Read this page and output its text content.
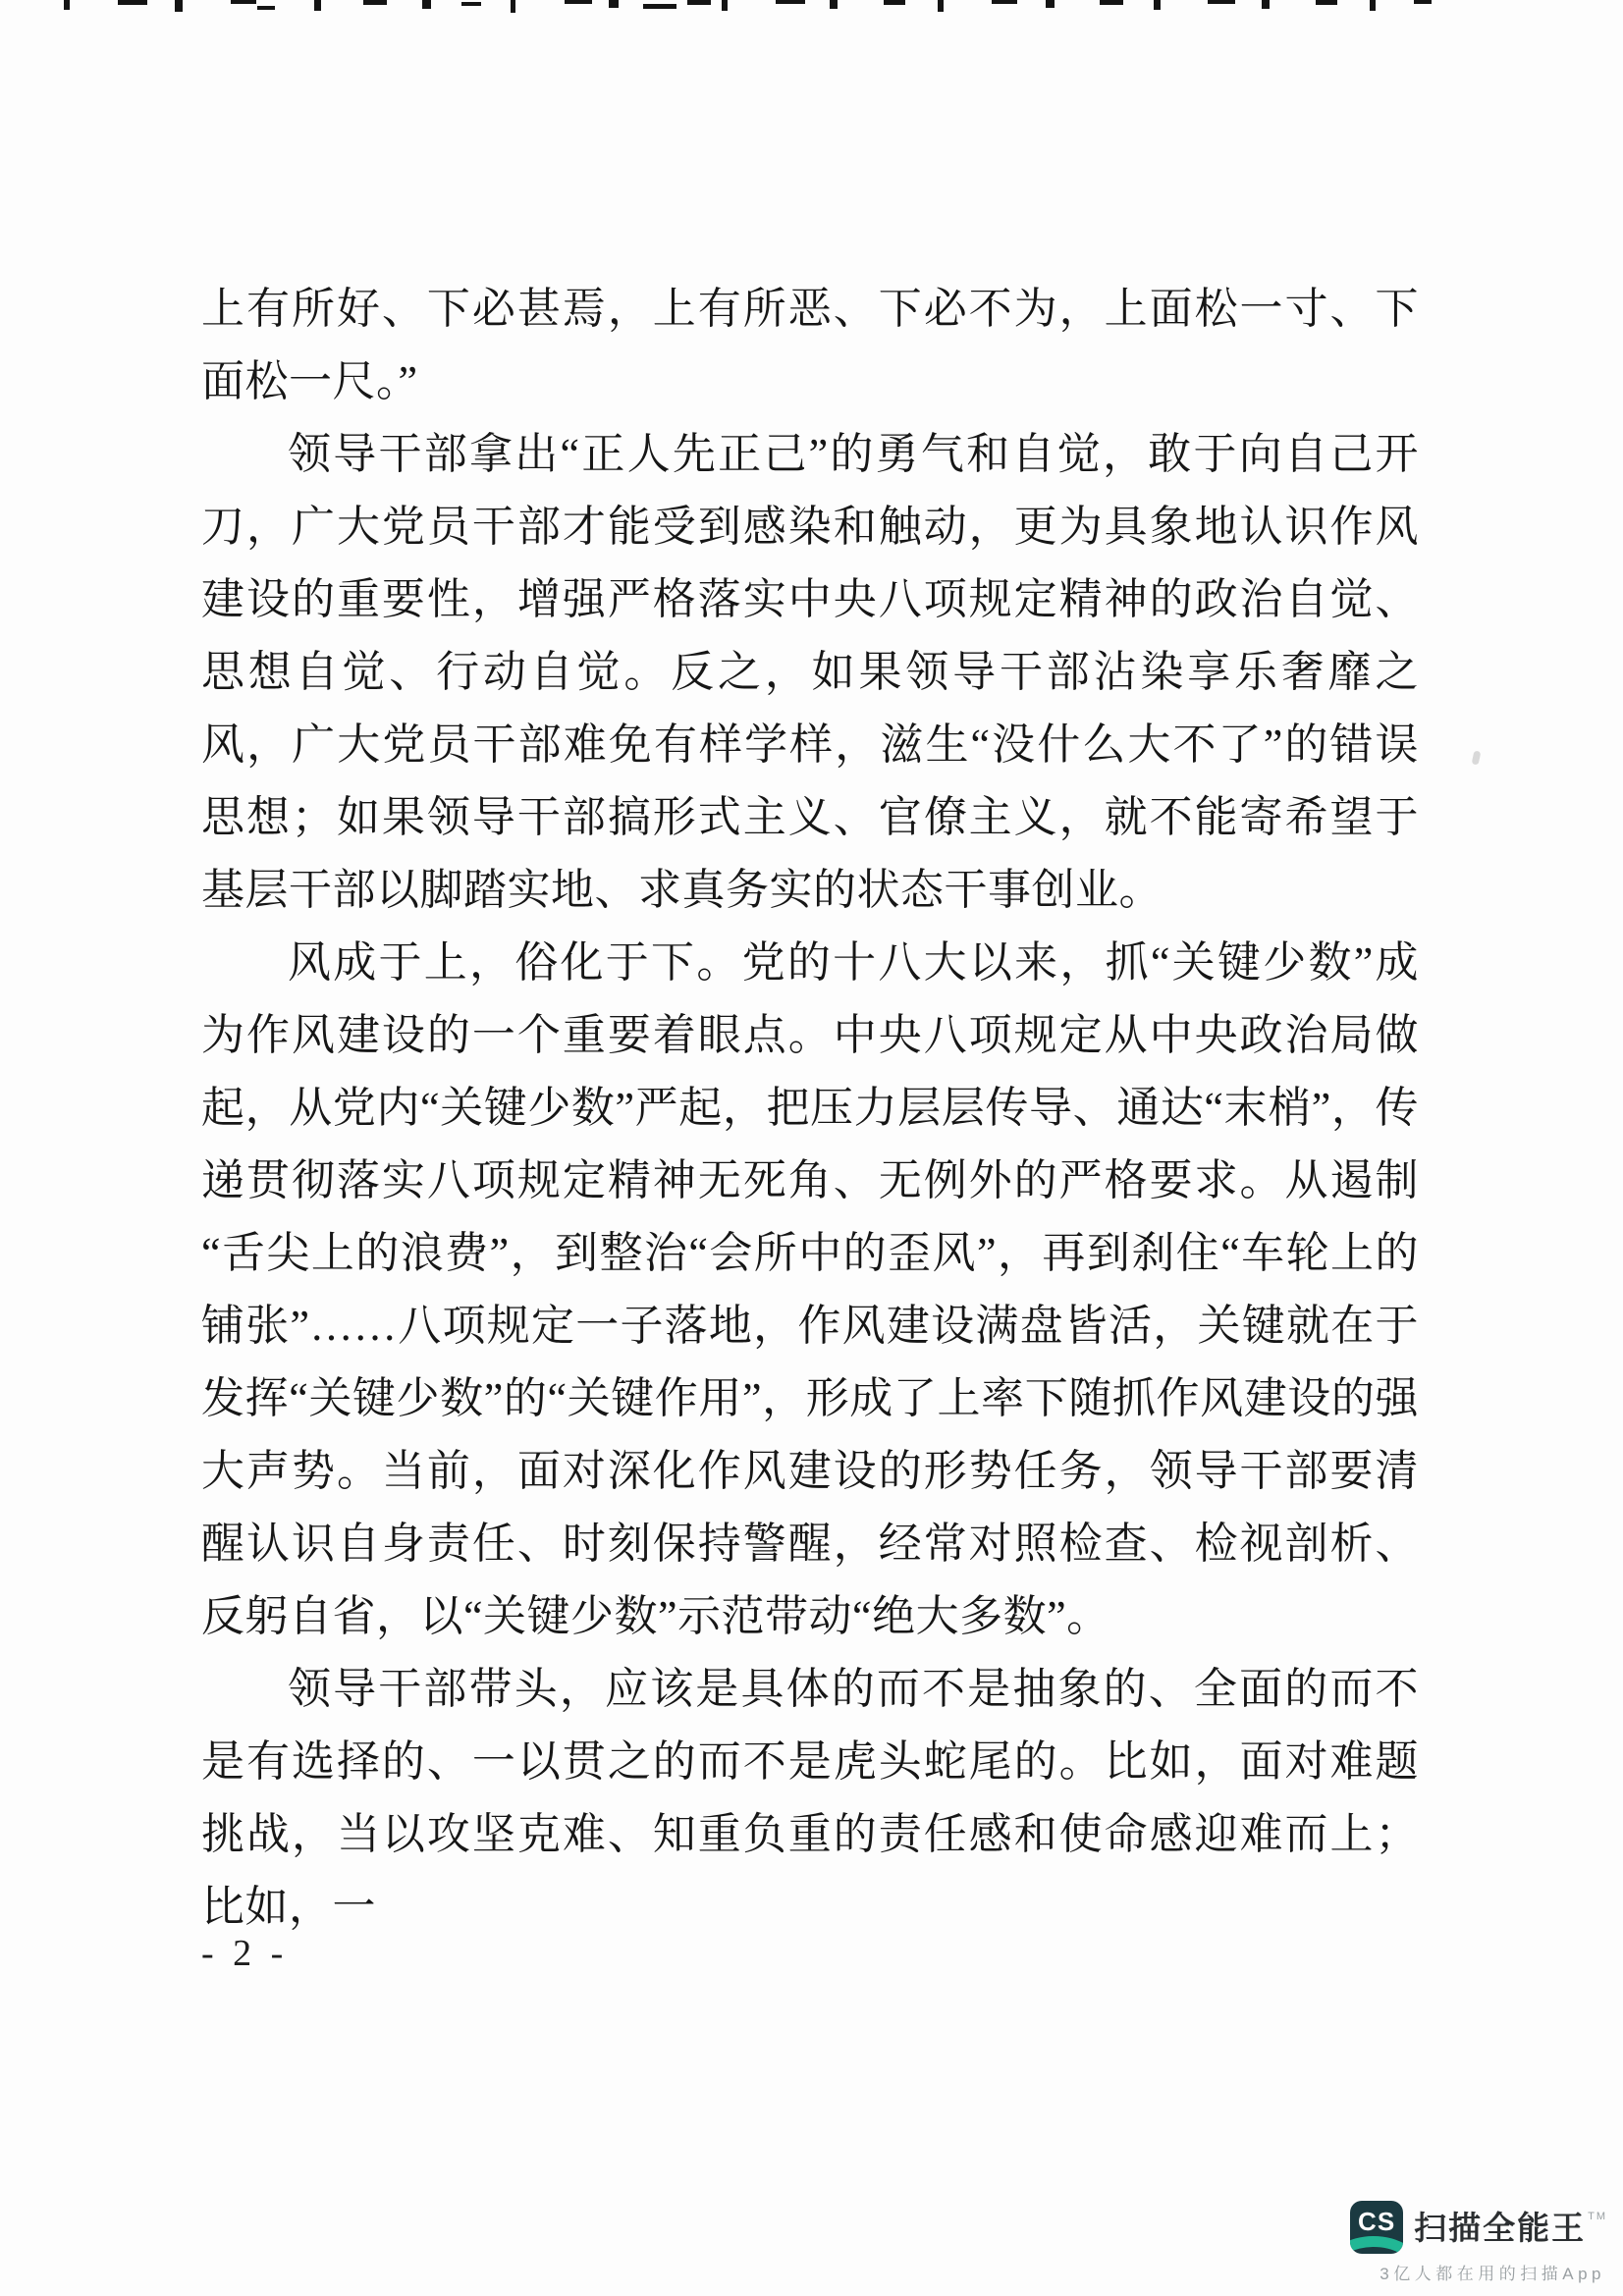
上有所好、下必甚焉，上有所恶、下必不为，上面松一寸、下面松一尺。”

领导干部拿出“正人先正己”的勇气和自觉，敢于向自己开刀，广大党员干部才能受到感染和触动，更为具象地认识作风建设的重要性，增强严格落实中央八项规定精神的政治自觉、思想自觉、行动自觉。反之，如果领导干部沾染享乐奢靡之风，广大党员干部难免有样学样，滋生“没什么大不了”的错误思想；如果领导干部搞形式主义、官僚主义，就不能寄希望于基层干部以脚踏实地、求真务实的状态干事创业。

风成于上，俗化于下。党的十八大以来，抓“关键少数”成为作风建设的一个重要着眼点。中央八项规定从中央政治局做起，从党内“关键少数”严起，把压力层层传导、通达“末梢”，传递贯彻落实八项规定精神无死角、无例外的严格要求。从遏制“舌尖上的浪费”，到整治“会所中的歪风”，再到刹住“车轮上的铺张”……八项规定一子落地，作风建设满盘皆活，关键就在于发挥“关键少数”的“关键作用”，形成了上率下随抓作风建设的强大声势。当前，面对深化作风建设的形势任务，领导干部要清醒认识自身责任、时刻保持警醒，经常对照检查、检视剖析、反躬自省，以“关键少数”示范带动“绝大多数”。

领导干部带头，应该是具体的而不是抽象的、全面的而不是有选择的、一以贯之的而不是虎头蛇尾的。比如，面对难题挑战，当以攻坚克难、知重负重的责任感和使命感迎难而上；比如，一

- 2 -
CS 扫描全能王 ™
3亿人都在用的扫描App
